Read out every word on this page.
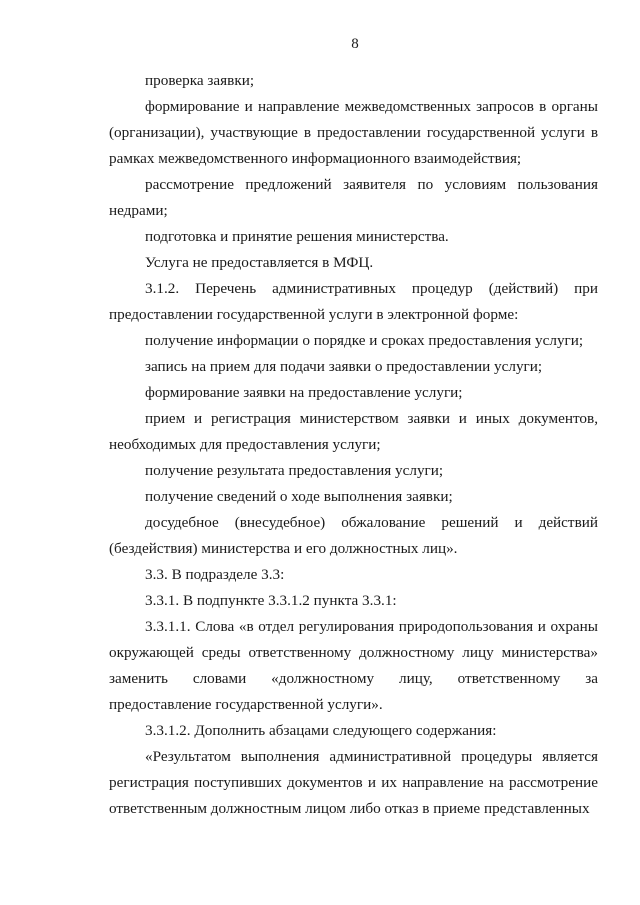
8

проверка заявки;

формирование и направление межведомственных запросов в органы (организации), участвующие в предоставлении государственной услуги в рамках межведомственного информационного взаимодействия;

рассмотрение предложений заявителя по условиям пользования недрами;

подготовка и принятие решения министерства.

Услуга не предоставляется в МФЦ.

3.1.2. Перечень административных процедур (действий) при предоставлении государственной услуги в электронной форме:

получение информации о порядке и сроках предоставления услуги;

запись на прием для подачи заявки о предоставлении услуги;

формирование заявки на предоставление услуги;

прием и регистрация министерством заявки и иных документов, необходимых для предоставления услуги;

получение результата предоставления услуги;

получение сведений о ходе выполнения заявки;

досудебное (внесудебное) обжалование решений и действий (бездействия) министерства и его должностных лиц».

3.3. В подразделе 3.3:

3.3.1. В подпункте 3.3.1.2 пункта 3.3.1:

3.3.1.1. Слова «в отдел регулирования природопользования и охраны окружающей среды ответственному должностному лицу министерства» заменить словами «должностному лицу, ответственному за предоставление государственной услуги».

3.3.1.2. Дополнить абзацами следующего содержания:

«Результатом выполнения административной процедуры является регистрация поступивших документов и их направление на рассмотрение ответственным должностным лицом либо отказ в приеме представленных
